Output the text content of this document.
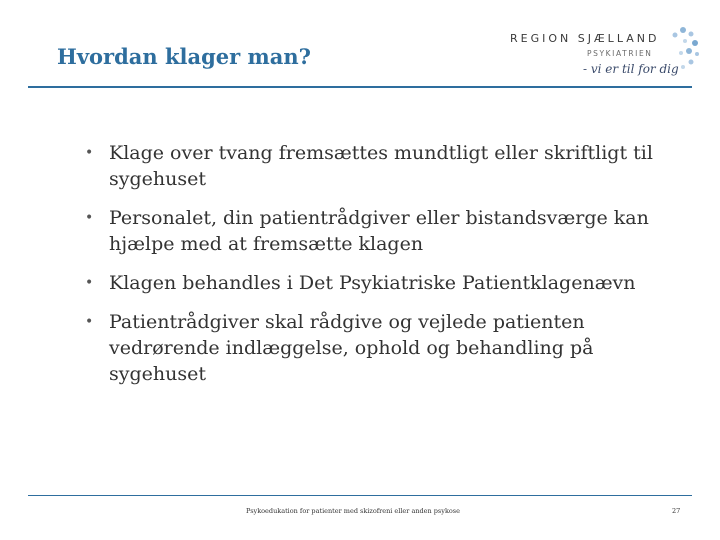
Hvordan klager man?
REGION SJÆLLAND
PSYKIATRIEN
- vi er til for dig
• Klage over tvang fremsættes mundtligt eller skriftligt til sygehuset
• Personalet, din patientrådgiver eller bistandsværge kan hjælpe med at fremsætte klagen
• Klagen behandles i Det Psykiatriske Patientklagenævn
• Patientrådgiver skal rådgive og vejlede patienten vedrørende indlæggelse, ophold og behandling på sygehuset
Psykoedukation for patienter med skizofreni eller anden psykose	27
